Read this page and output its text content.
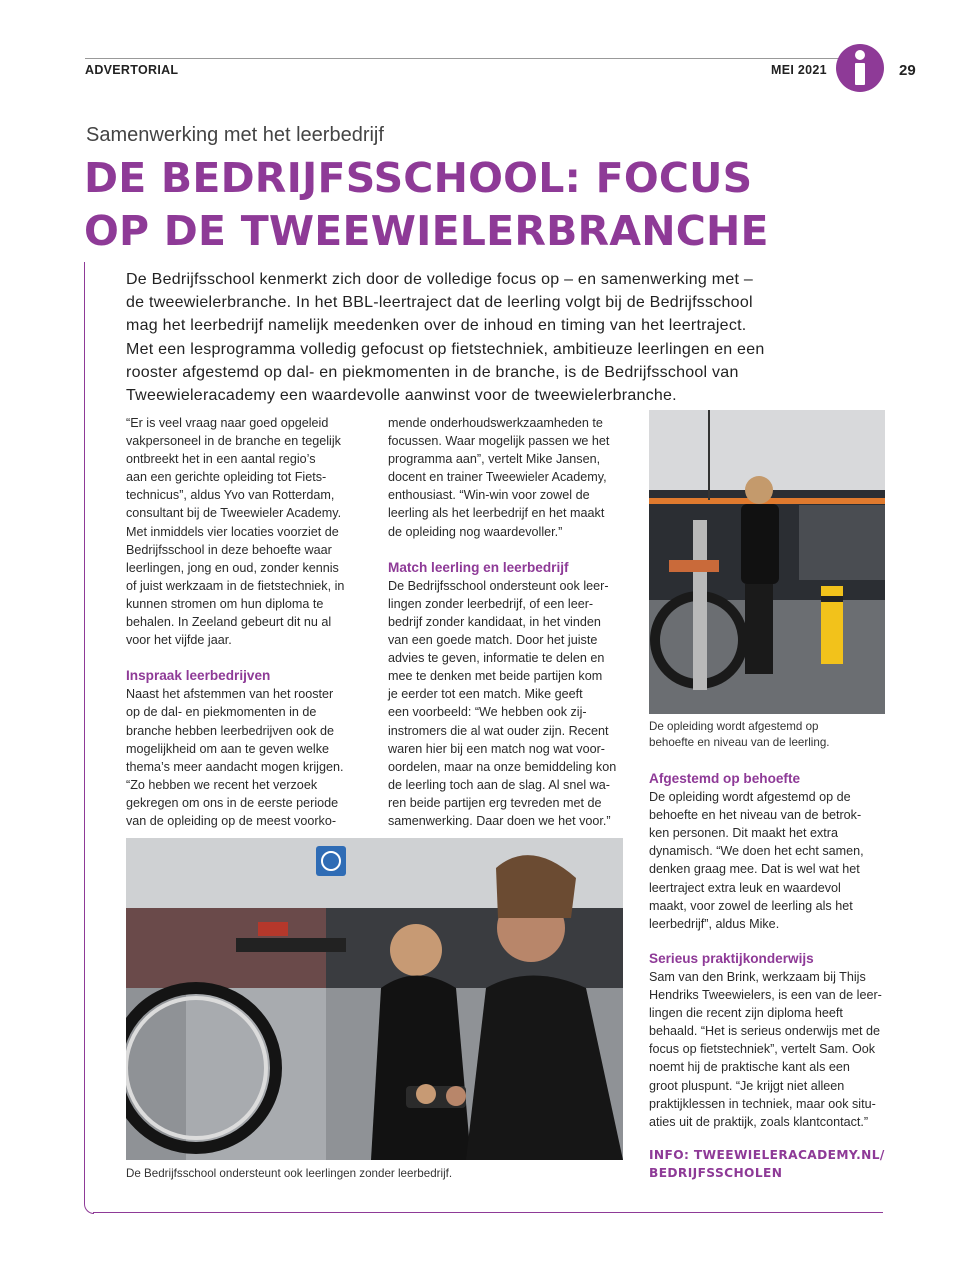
ADVERTORIAL	MEI 2021	29
Samenwerking met het leerbedrijf
DE BEDRIJFSSCHOOL: FOCUS
OP DE TWEEWIELERBRANCHE
De Bedrijfsschool kenmerkt zich door de volledige focus op – en samenwerking met –
de tweewielerbranche. In het BBL-leertraject dat de leerling volgt bij de Bedrijfsschool
mag het leerbedrijf namelijk meedenken over de inhoud en timing van het leertraject.
Met een lesprogramma volledig gefocust op fietstechniek, ambitieuze leerlingen en een
rooster afgestemd op dal- en piekmomenten in de branche, is de Bedrijfsschool van
Tweewieleracademy een waardevolle aanwinst voor de tweewielerbranche.
“Er is veel vraag naar goed opgeleid
vakpersoneel in de branche en tegelijk
ontbreekt het in een aantal regio’s
aan een gerichte opleiding tot Fiets-
technicus”, aldus Yvo van Rotterdam,
consultant bij de Tweewieler Academy.
Met inmiddels vier locaties voorziet de
Bedrijfsschool in deze behoefte waar
leerlingen, jong en oud, zonder kennis
of juist werkzaam in de fietstechniek, in
kunnen stromen om hun diploma te
behalen. In Zeeland gebeurt dit nu al
voor het vijfde jaar.
Inspraak leerbedrijven
Naast het afstemmen van het rooster
op de dal- en piekmomenten in de
branche hebben leerbedrijven ook de
mogelijkheid om aan te geven welke
thema’s meer aandacht mogen krijgen.
“Zo hebben we recent het verzoek
gekregen om ons in de eerste periode
van de opleiding op de meest voorko-
mende onderhoudswerkzaamheden te
focussen. Waar mogelijk passen we het
programma aan”, vertelt Mike Jansen,
docent en trainer Tweewieler Academy,
enthousiast. “Win-win voor zowel de
leerling als het leerbedrijf en het maakt
de opleiding nog waardevoller.”
Match leerling en leerbedrijf
De Bedrijfsschool ondersteunt ook leer-
lingen zonder leerbedrijf, of een leer-
bedrijf zonder kandidaat, in het vinden
van een goede match. Door het juiste
advies te geven, informatie te delen en
mee te denken met beide partijen kom
je eerder tot een match. Mike geeft
een voorbeeld: “We hebben ook zij-
instromers die al wat ouder zijn. Recent
waren hier bij een match nog wat voor-
oordelen, maar na onze bemiddeling kon
de leerling toch aan de slag. Al snel wa-
ren beide partijen erg tevreden met de
samenwerking. Daar doen we het voor.”
De opleiding wordt afgestemd op
behoefte en niveau van de leerling.
Afgestemd op behoefte
De opleiding wordt afgestemd op de
behoefte en het niveau van de betrok-
ken personen. Dit maakt het extra
dynamisch. “We doen het echt samen,
denken graag mee. Dat is wel wat het
leertraject extra leuk en waardevol
maakt, voor zowel de leerling als het
leerbedrijf”, aldus Mike.
Serieus praktijkonderwijs
Sam van den Brink, werkzaam bij Thijs
Hendriks Tweewielers, is een van de leer-
lingen die recent zijn diploma heeft
behaald. “Het is serieus onderwijs met de
focus op fietstechniek”, vertelt Sam. Ook
noemt hij de praktische kant als een
groot pluspunt. “Je krijgt niet alleen
praktijklessen in techniek, maar ook situ-
aties uit de praktijk, zoals klantcontact.”
INFO: TWEEWIELERACADEMY.NL/
BEDRIJFSSCHOLEN
De Bedrijfsschool ondersteunt ook leerlingen zonder leerbedrijf.
